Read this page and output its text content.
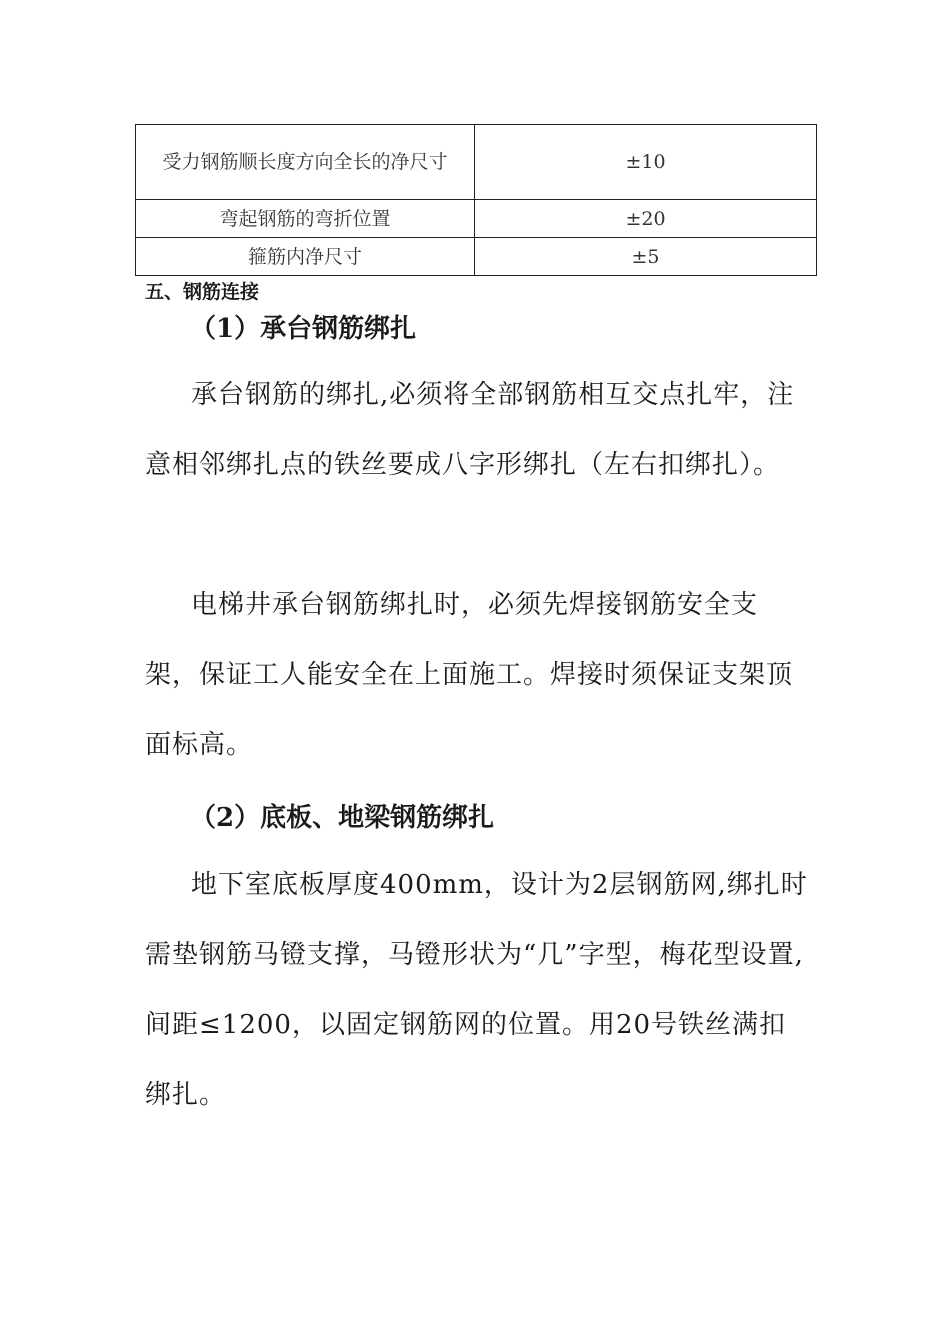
受力钢筋顺长度方向全长的净尺寸	±10
弯起钢筋的弯折位置	±20
箍筋内净尺寸	±5
五、钢筋连接
（1）承台钢筋绑扎

承台钢筋的绑扎,必须将全部钢筋相互交点扎牢，注意相邻绑扎点的铁丝要成八字形绑扎（左右扣绑扎）。

电梯井承台钢筋绑扎时，必须先焊接钢筋安全支架，保证工人能安全在上面施工。焊接时须保证支架顶面标高。

（2）底板、地梁钢筋绑扎

地下室底板厚度400mm，设计为2层钢筋网,绑扎时需垫钢筋马镫支撑，马镫形状为“几”字型，梅花型设置,间距≤1200，以固定钢筋网的位置。用20号铁丝满扣绑扎。
